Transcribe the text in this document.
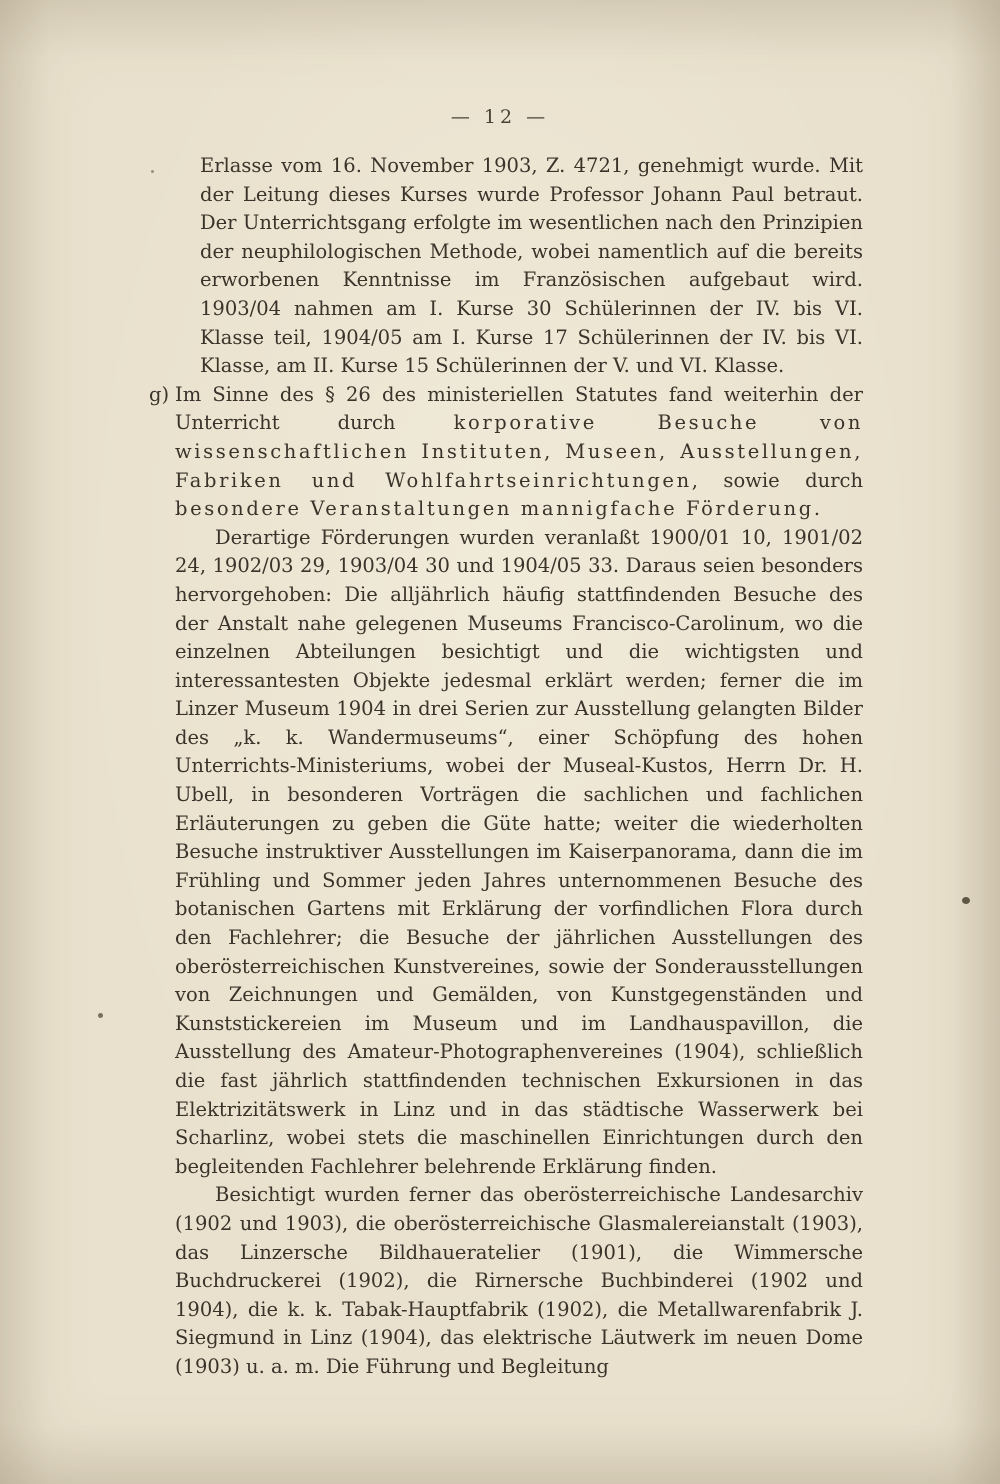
— 12 —

Erlasse vom 16. November 1903, Z. 4721, genehmigt wurde. Mit der Leitung dieses Kurses wurde Professor Johann Paul betraut. Der Unterrichtsgang erfolgte im wesentlichen nach den Prinzipien der neuphilologischen Methode, wobei namentlich auf die bereits erworbenen Kenntnisse im Französischen aufgebaut wird. 1903/04 nahmen am I. Kurse 30 Schülerinnen der IV. bis VI. Klasse teil, 1904/05 am I. Kurse 17 Schülerinnen der IV. bis VI. Klasse, am II. Kurse 15 Schülerinnen der V. und VI. Klasse.

g) Im Sinne des § 26 des ministeriellen Statutes fand weiterhin der Unterricht durch korporative Besuche von wissenschaftlichen Instituten, Museen, Ausstellungen, Fabriken und Wohlfahrtseinrichtungen, sowie durch besondere Veranstaltungen mannigfache Förderung.

Derartige Förderungen wurden veranlaßt 1900/01 10, 1901/02 24, 1902/03 29, 1903/04 30 und 1904/05 33. Daraus seien besonders hervorgehoben: Die alljährlich häufig stattfindenden Besuche des der Anstalt nahe gelegenen Museums Francisco-Carolinum, wo die einzelnen Abteilungen besichtigt und die wichtigsten und interessantesten Objekte jedesmal erklärt werden; ferner die im Linzer Museum 1904 in drei Serien zur Ausstellung gelangten Bilder des „k. k. Wandermuseums“, einer Schöpfung des hohen Unterrichts-Ministeriums, wobei der Museal-Kustos, Herrn Dr. H. Ubell, in besonderen Vorträgen die sachlichen und fachlichen Erläuterungen zu geben die Güte hatte; weiter die wiederholten Besuche instruktiver Ausstellungen im Kaiserpanorama, dann die im Frühling und Sommer jeden Jahres unternommenen Besuche des botanischen Gartens mit Erklärung der vorfindlichen Flora durch den Fachlehrer; die Besuche der jährlichen Ausstellungen des oberösterreichischen Kunstvereines, sowie der Sonderausstellungen von Zeichnungen und Gemälden, von Kunstgegenständen und Kunststickereien im Museum und im Landhauspavillon, die Ausstellung des Amateur-Photographenvereines (1904), schließlich die fast jährlich stattfindenden technischen Exkursionen in das Elektrizitätswerk in Linz und in das städtische Wasserwerk bei Scharlinz, wobei stets die maschinellen Einrichtungen durch den begleitenden Fachlehrer belehrende Erklärung finden.

Besichtigt wurden ferner das oberösterreichische Landesarchiv (1902 und 1903), die oberösterreichische Glasmalereianstalt (1903), das Linzersche Bildhaueratelier (1901), die Wimmersche Buchdruckerei (1902), die Rirnersche Buchbinderei (1902 und 1904), die k. k. Tabak-Hauptfabrik (1902), die Metallwarenfabrik J. Siegmund in Linz (1904), das elektrische Läutwerk im neuen Dome (1903) u. a. m. Die Führung und Begleitung
